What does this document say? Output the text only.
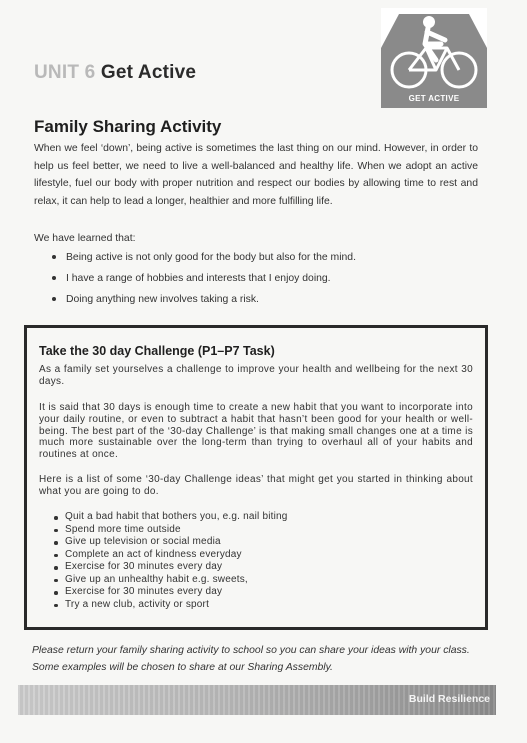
UNIT 6 Get Active
GET ACTIVE
Family Sharing Activity

When we feel ‘down’, being active is sometimes the last thing on our mind. However, in order to help us feel better, we need to live a well-balanced and healthy life. When we adopt an active lifestyle, fuel our body with proper nutrition and respect our bodies by allowing time to rest and relax, it can help to lead a longer, healthier and more fulfilling life.

We have learned that:
Being active is not only good for the body but also for the mind.
I have a range of hobbies and interests that I enjoy doing.
Doing anything new involves taking a risk.
Take the 30 day Challenge (P1–P7 Task)

As a family set yourselves a challenge to improve your health and wellbeing for the next 30 days.

It is said that 30 days is enough time to create a new habit that you want to incorporate into your daily routine, or even to subtract a habit that hasn’t been good for your health or well-being. The best part of the ‘30-day Challenge’ is that making small changes one at a time is much more sustainable over the long-term than trying to overhaul all of your habits and routines at once.

Here is a list of some ‘30-day Challenge ideas’ that might get you started in thinking about what you are going to do.

Quit a bad habit that bothers you, e.g. nail biting
Spend more time outside
Give up television or social media
Complete an act of kindness everyday
Exercise for 30 minutes every day
Give up an unhealthy habit e.g. sweets,
Exercise for 30 minutes every day
Try a new club, activity or sport

Please return your family sharing activity to school so you can share your ideas with your class. Some examples will be chosen to share at our Sharing Assembly.

Build Resilience
